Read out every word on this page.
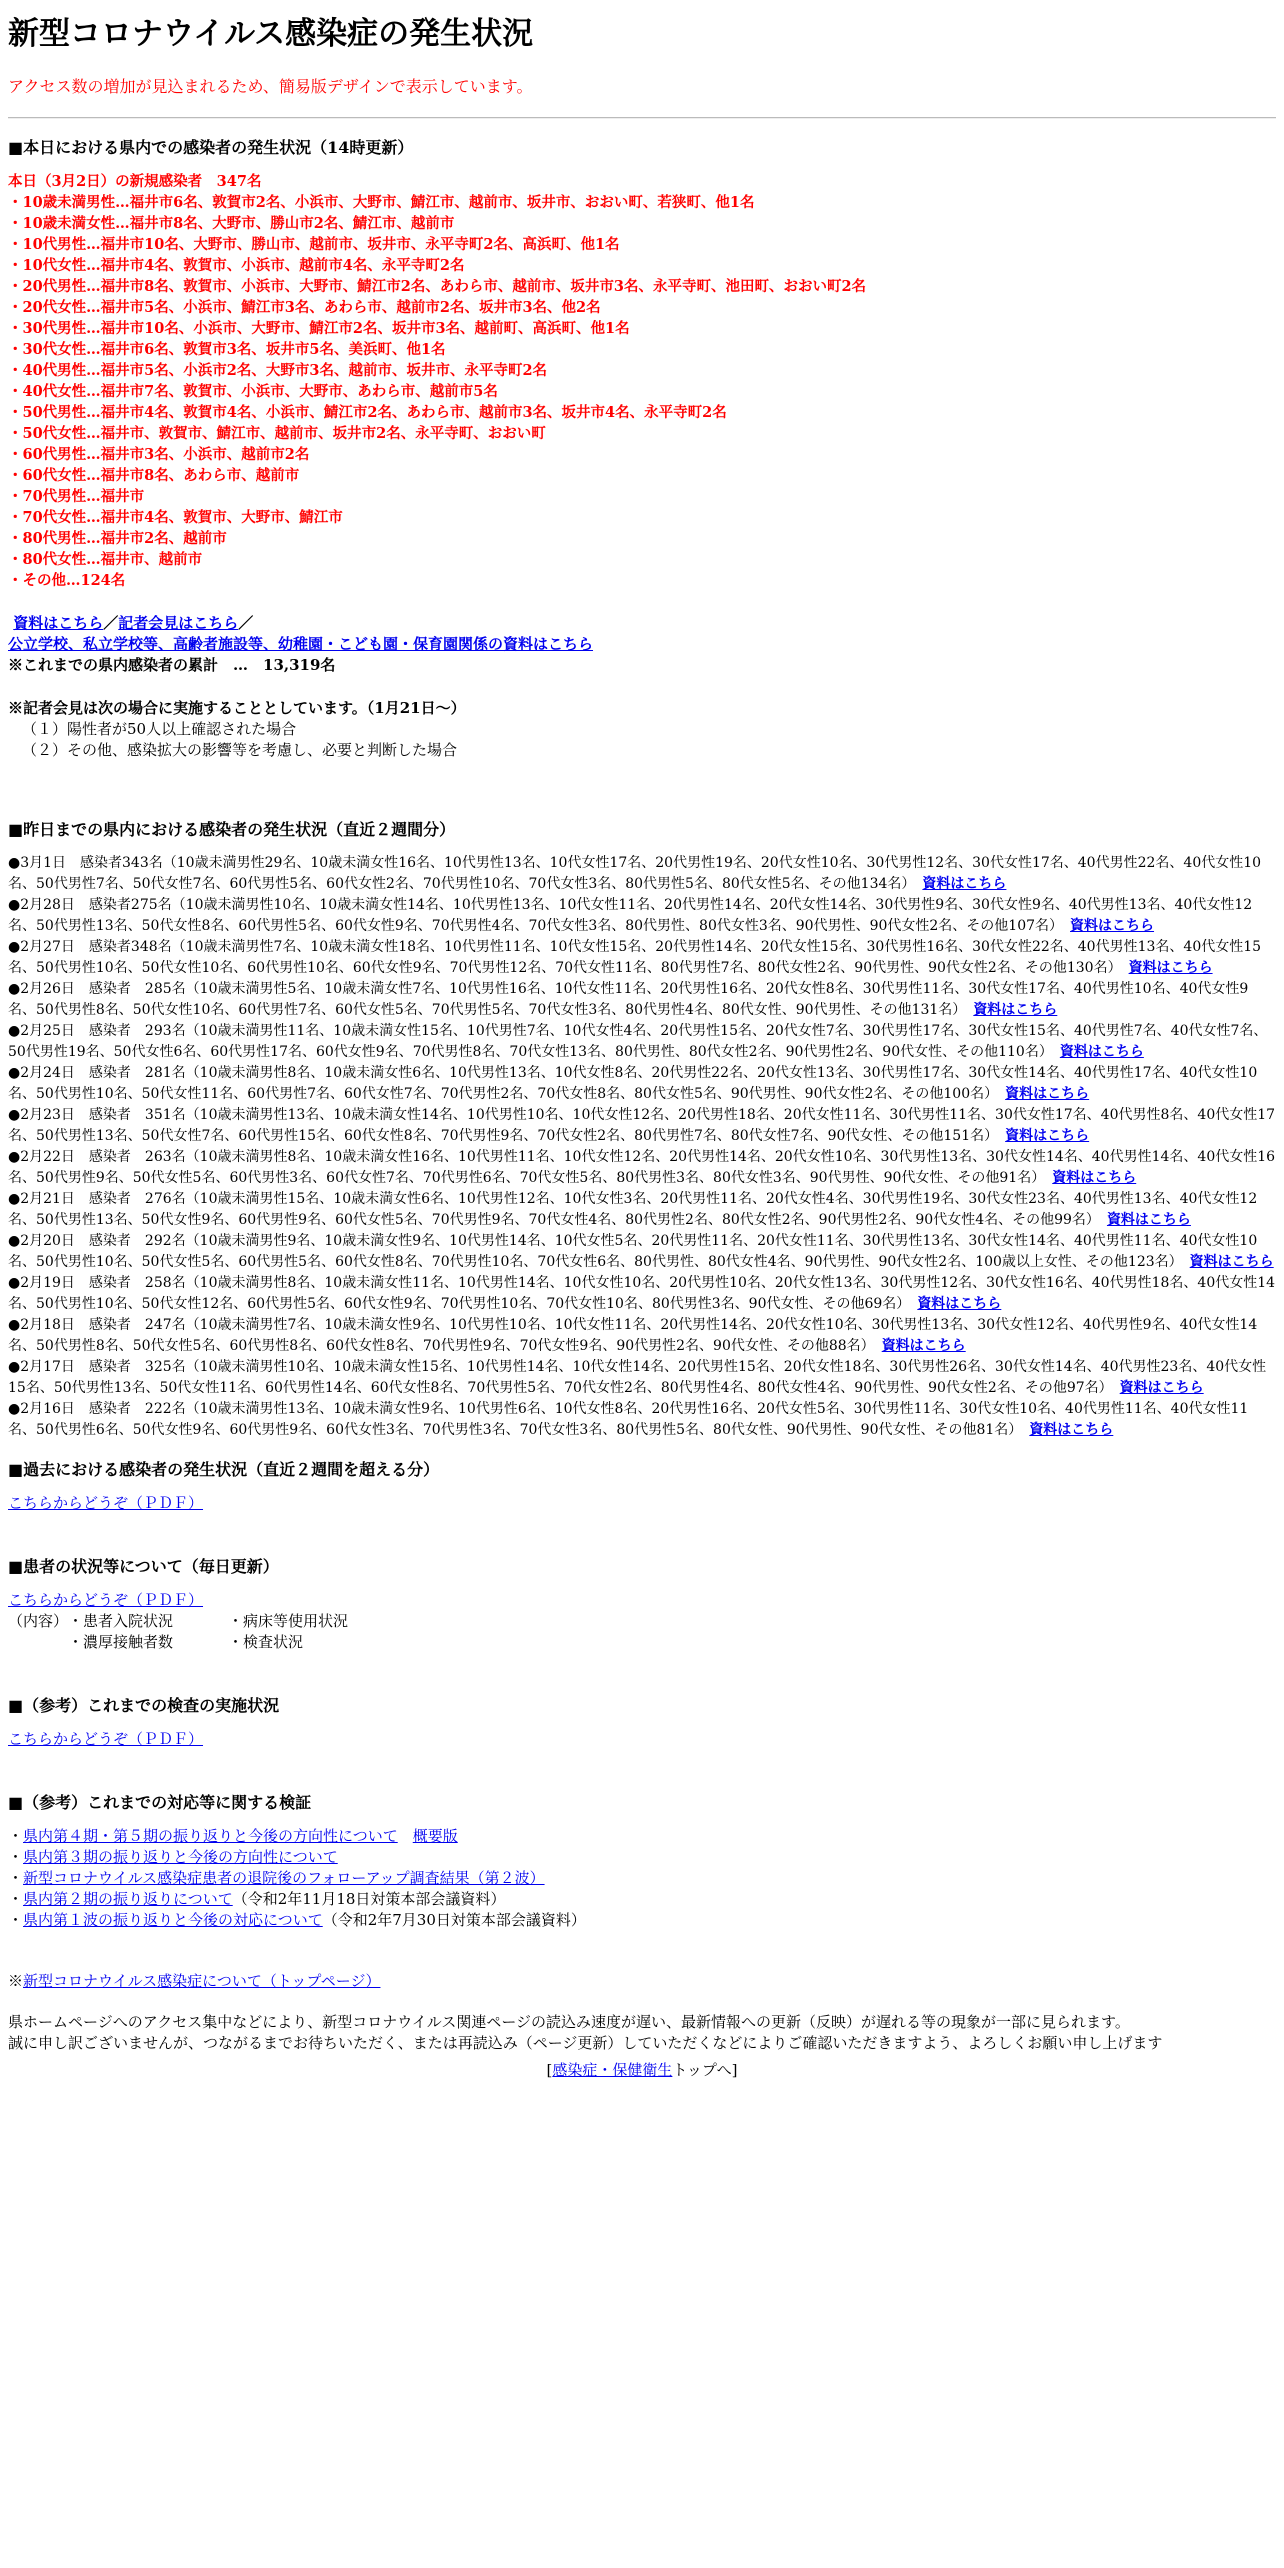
新型コロナウイルス感染症の発生状況
アクセス数の増加が見込まれるため、簡易版デザインで表示しています。
■本日における県内での感染者の発生状況（14時更新）
本日（3月2日）の新規感染者　347名
・10歳未満男性…福井市6名、敦賀市2名、小浜市、大野市、鯖江市、越前市、坂井市、おおい町、若狭町、他1名
・10歳未満女性…福井市8名、大野市、勝山市2名、鯖江市、越前市
・10代男性…福井市10名、大野市、勝山市、越前市、坂井市、永平寺町2名、高浜町、他1名
・10代女性…福井市4名、敦賀市、小浜市、越前市4名、永平寺町2名
・20代男性…福井市8名、敦賀市、小浜市、大野市、鯖江市2名、あわら市、越前市、坂井市3名、永平寺町、池田町、おおい町2名
・20代女性…福井市5名、小浜市、鯖江市3名、あわら市、越前市2名、坂井市3名、他2名
・30代男性…福井市10名、小浜市、大野市、鯖江市2名、坂井市3名、越前町、高浜町、他1名
・30代女性…福井市6名、敦賀市3名、坂井市5名、美浜町、他1名
・40代男性…福井市5名、小浜市2名、大野市3名、越前市、坂井市、永平寺町2名
・40代女性…福井市7名、敦賀市、小浜市、大野市、あわら市、越前市5名
・50代男性…福井市4名、敦賀市4名、小浜市、鯖江市2名、あわら市、越前市3名、坂井市4名、永平寺町2名
・50代女性…福井市、敦賀市、鯖江市、越前市、坂井市2名、永平寺町、おおい町
・60代男性…福井市3名、小浜市、越前市2名
・60代女性…福井市8名、あわら市、越前市
・70代男性…福井市
・70代女性…福井市4名、敦賀市、大野市、鯖江市
・80代男性…福井市2名、越前市
・80代女性…福井市、越前市
・その他…124名
資料はこちら／記者会見はこちら／
公立学校、私立学校等、高齢者施設等、幼稚園・こども園・保育園関係の資料はこちら
※これまでの県内感染者の累計　…　13,319名
※記者会見は次の場合に実施することとしています。（1月21日～）
（１）陽性者が50人以上確認された場合
（２）その他、感染拡大の影響等を考慮し、必要と判断した場合
■昨日までの県内における感染者の発生状況（直近２週間分）
●3月1日　感染者343名（10歳未満男性29名、10歳未満女性16名、10代男性13名、10代女性17名、20代男性19名、20代女性10名、30代男性12名、30代女性17名、40代男性22名、40代女性10名、50代男性7名、50代女性7名、60代男性5名、60代女性2名、70代男性10名、70代女性3名、80代男性5名、80代女性5名、その他134名）　 資料はこちら
●2月28日　感染者275名（10歳未満男性10名、10歳未満女性14名、10代男性13名、10代女性11名、20代男性14名、20代女性14名、30代男性9名、30代女性9名、40代男性13名、40代女性12名、50代男性13名、50代女性8名、60代男性5名、60代女性9名、70代男性4名、70代女性3名、80代男性、80代女性3名、90代男性、90代女性2名、その他107名）　 資料はこちら
●2月27日　感染者348名（10歳未満男性7名、10歳未満女性18名、10代男性11名、10代女性15名、20代男性14名、20代女性15名、30代男性16名、30代女性22名、40代男性13名、40代女性15名、50代男性10名、50代女性10名、60代男性10名、60代女性9名、70代男性12名、70代女性11名、80代男性7名、80代女性2名、90代男性、90代女性2名、その他130名）　 資料はこちら
●2月26日　感染者　285名（10歳未満男性5名、10歳未満女性7名、10代男性16名、10代女性11名、20代男性16名、20代女性8名、30代男性11名、30代女性17名、40代男性10名、40代女性9名、50代男性8名、50代女性10名、60代男性7名、60代女性5名、70代男性5名、70代女性3名、80代男性4名、80代女性、90代男性、その他131名）　 資料はこちら
●2月25日　感染者　293名（10歳未満男性11名、10歳未満女性15名、10代男性7名、10代女性4名、20代男性15名、20代女性7名、30代男性17名、30代女性15名、40代男性7名、40代女性7名、50代男性19名、50代女性6名、60代男性17名、60代女性9名、70代男性8名、70代女性13名、80代男性、80代女性2名、90代男性2名、90代女性、その他110名）　 資料はこちら
●2月24日　感染者　281名（10歳未満男性8名、10歳未満女性6名、10代男性13名、10代女性8名、20代男性22名、20代女性13名、30代男性17名、30代女性14名、40代男性17名、40代女性10名、50代男性10名、50代女性11名、60代男性7名、60代女性7名、70代男性2名、70代女性8名、80代女性5名、90代男性、90代女性2名、その他100名）　 資料はこちら
●2月23日　感染者　351名（10歳未満男性13名、10歳未満女性14名、10代男性10名、10代女性12名、20代男性18名、20代女性11名、30代男性11名、30代女性17名、40代男性8名、40代女性17名、50代男性13名、50代女性7名、60代男性15名、60代女性8名、70代男性9名、70代女性2名、80代男性7名、80代女性7名、90代女性、その他151名）　 資料はこちら
●2月22日　感染者　263名（10歳未満男性8名、10歳未満女性16名、10代男性11名、10代女性12名、20代男性14名、20代女性10名、30代男性13名、30代女性14名、40代男性14名、40代女性16名、50代男性9名、50代女性5名、60代男性3名、60代女性7名、70代男性6名、70代女性5名、80代男性3名、80代女性3名、90代男性、90代女性、その他91名）　 資料はこちら
●2月21日　感染者　276名（10歳未満男性15名、10歳未満女性6名、10代男性12名、10代女性3名、20代男性11名、20代女性4名、30代男性19名、30代女性23名、40代男性13名、40代女性12名、50代男性13名、50代女性9名、60代男性9名、60代女性5名、70代男性9名、70代女性4名、80代男性2名、80代女性2名、90代男性2名、90代女性4名、その他99名）　 資料はこちら
●2月20日　感染者　292名（10歳未満男性9名、10歳未満女性9名、10代男性14名、10代女性5名、20代男性11名、20代女性11名、30代男性13名、30代女性14名、40代男性11名、40代女性10名、50代男性10名、50代女性5名、60代男性5名、60代女性8名、70代男性10名、70代女性6名、80代男性、80代女性4名、90代男性、90代女性2名、100歳以上女性、その他123名）　 資料はこちら
●2月19日　感染者　258名（10歳未満男性8名、10歳未満女性11名、10代男性14名、10代女性10名、20代男性10名、20代女性13名、30代男性12名、30代女性16名、40代男性18名、40代女性14名、50代男性10名、50代女性12名、60代男性5名、60代女性9名、70代男性10名、70代女性10名、80代男性3名、90代女性、その他69名）　 資料はこちら
●2月18日　感染者　247名（10歳未満男性7名、10歳未満女性9名、10代男性10名、10代女性11名、20代男性14名、20代女性10名、30代男性13名、30代女性12名、40代男性9名、40代女性14名、50代男性8名、50代女性5名、60代男性8名、60代女性8名、70代男性9名、70代女性9名、90代男性2名、90代女性、その他88名）　 資料はこちら
●2月17日　感染者　325名（10歳未満男性10名、10歳未満女性15名、10代男性14名、10代女性14名、20代男性15名、20代女性18名、30代男性26名、30代女性14名、40代男性23名、40代女性15名、50代男性13名、50代女性11名、60代男性14名、60代女性8名、70代男性5名、70代女性2名、80代男性4名、80代女性4名、90代男性、90代女性2名、その他97名）　 資料はこちら
●2月16日　感染者　222名（10歳未満男性13名、10歳未満女性9名、10代男性6名、10代女性8名、20代男性16名、20代女性5名、30代男性11名、30代女性10名、40代男性11名、40代女性11名、50代男性6名、50代女性9名、60代男性9名、60代女性3名、70代男性3名、70代女性3名、80代男性5名、80代女性、90代男性、90代女性、その他81名）　 資料はこちら
■過去における感染者の発生状況（直近２週間を超える分）
こちらからどうぞ（ＰＤＦ）
■患者の状況等について（毎日更新）
こちらからどうぞ（ＰＤＦ）
（内容）・患者入院状況	・病床等使用状況
・濃厚接触者数	・検査状況
■（参考）これまでの検査の実施状況
こちらからどうぞ（ＰＤＦ）
■（参考）これまでの対応等に関する検証
・県内第４期・第５期の振り返りと今後の方向性について　 概要版
・県内第３期の振り返りと今後の方向性について
・新型コロナウイルス感染症患者の退院後のフォローアップ調査結果（第２波）
・県内第２期の振り返りについて（令和2年11月18日対策本部会議資料）
・県内第１波の振り返りと今後の対応について（令和2年7月30日対策本部会議資料）
※新型コロナウイルス感染症について（トップページ）
県ホームページへのアクセス集中などにより、新型コロナウイルス関連ページの読込み速度が遅い、最新情報への更新（反映）が遅れる等の現象が一部に見られます。
誠に申し訳ございませんが、つながるまでお待ちいただく、または再読込み（ページ更新）していただくなどによりご確認いただきますよう、よろしくお願い申し上げます
[感染症・保健衛生トップへ]
